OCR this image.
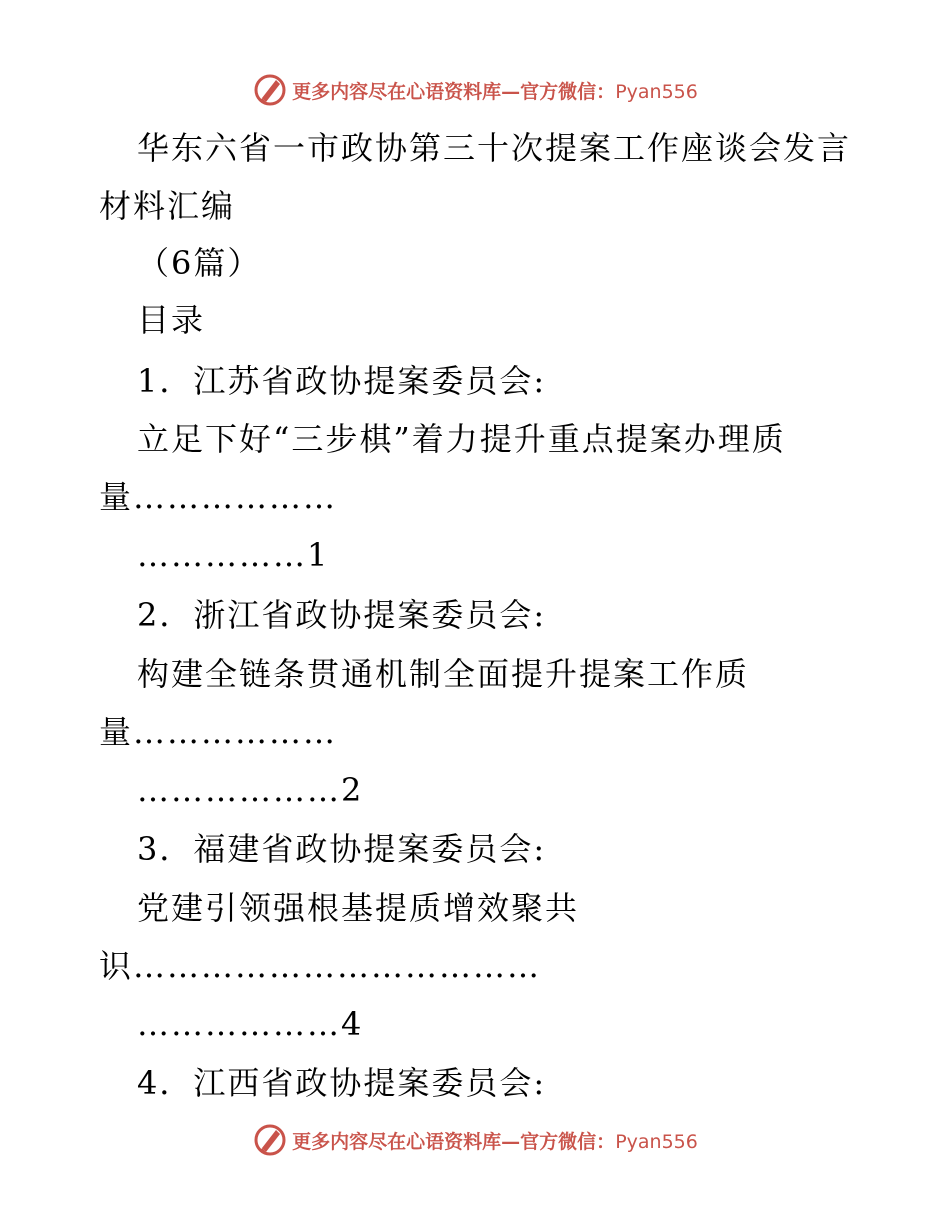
更多内容尽在心语资料库—官方微信：Pyan556
华东六省一市政协第三十次提案工作座谈会发言
材料汇编
（6篇）
目录
1．江苏省政协提案委员会:
立足下好“三步棋”着力提升重点提案办理质
量………………
……………1
2．浙江省政协提案委员会:
构建全链条贯通机制全面提升提案工作质
量………………
………………2
3．福建省政协提案委员会:
党建引领强根基提质增效聚共
识………………………………
………………4
4．江西省政协提案委员会:
更多内容尽在心语资料库—官方微信：Pyan556
